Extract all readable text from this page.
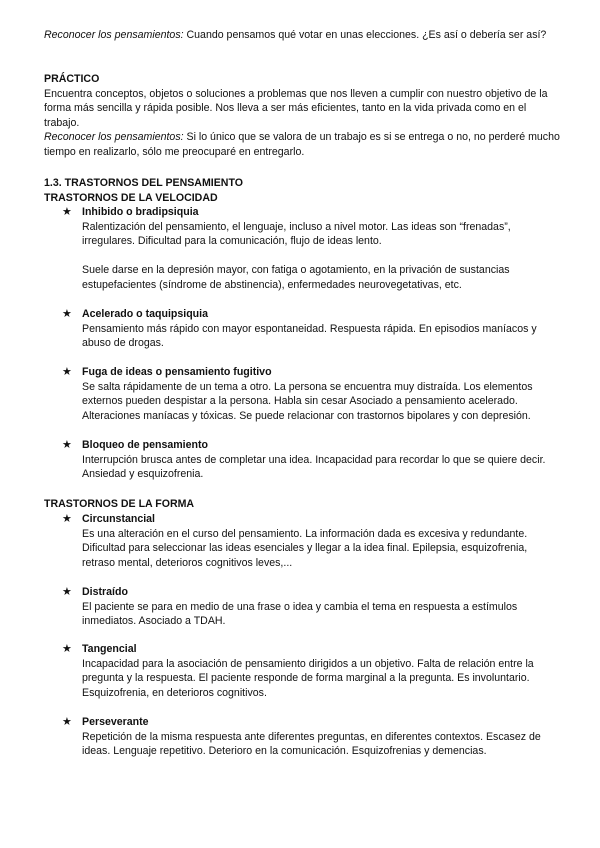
Reconocer los pensamientos: Cuando pensamos qué votar en unas elecciones. ¿Es así o debería ser así?

PRÁCTICO

Encuentra conceptos, objetos o soluciones a problemas que nos lleven a cumplir con nuestro objetivo de la forma más sencilla y rápida posible. Nos lleva a ser más eficientes, tanto en la vida privada como en el trabajo.

Reconocer los pensamientos: Si lo único que se valora de un trabajo es si se entrega o no, no perderé mucho tiempo en realizarlo, sólo me preocuparé en entregarlo.

1.3. TRASTORNOS DEL PENSAMIENTO

TRASTORNOS DE LA VELOCIDAD

★ Inhibido o bradipsiquia

Ralentización del pensamiento, el lenguaje, incluso a nivel motor. Las ideas son “frenadas”, irregulares. Dificultad para la comunicación, flujo de ideas lento.

Suele darse en la depresión mayor, con fatiga o agotamiento, en la privación de sustancias estupefacientes (síndrome de abstinencia), enfermedades neurovegetativas, etc.

★ Acelerado o taquipsiquia

Pensamiento más rápido con mayor espontaneidad. Respuesta rápida. En episodios maníacos y abuso de drogas.

★ Fuga de ideas o pensamiento fugitivo

Se salta rápidamente de un tema a otro. La persona se encuentra muy distraída. Los elementos externos pueden despistar a la persona. Habla sin cesar Asociado a pensamiento acelerado. Alteraciones maníacas y tóxicas. Se puede relacionar con trastornos bipolares y con depresión.

★ Bloqueo de pensamiento

Interrupción brusca antes de completar una idea. Incapacidad para recordar lo que se quiere decir. Ansiedad y esquizofrenia.

TRASTORNOS DE LA FORMA

★ Circunstancial

Es una alteración en el curso del pensamiento. La información dada es excesiva y redundante. Dificultad para seleccionar las ideas esenciales y llegar a la idea final. Epilepsia, esquizofrenia, retraso mental, deterioros cognitivos leves,...

★ Distraído

El paciente se para en medio de una frase o idea y cambia el tema en respuesta a estímulos inmediatos. Asociado a TDAH.

★ Tangencial

Incapacidad para la asociación de pensamiento dirigidos a un objetivo. Falta de relación entre la pregunta y la respuesta. El paciente responde de forma marginal a la pregunta. Es involuntario. Esquizofrenia, en deterioros cognitivos.

★ Perseverante

Repetición de la misma respuesta ante diferentes preguntas, en diferentes contextos. Escasez de ideas. Lenguaje repetitivo. Deterioro en la comunicación. Esquizofrenias y demencias.
